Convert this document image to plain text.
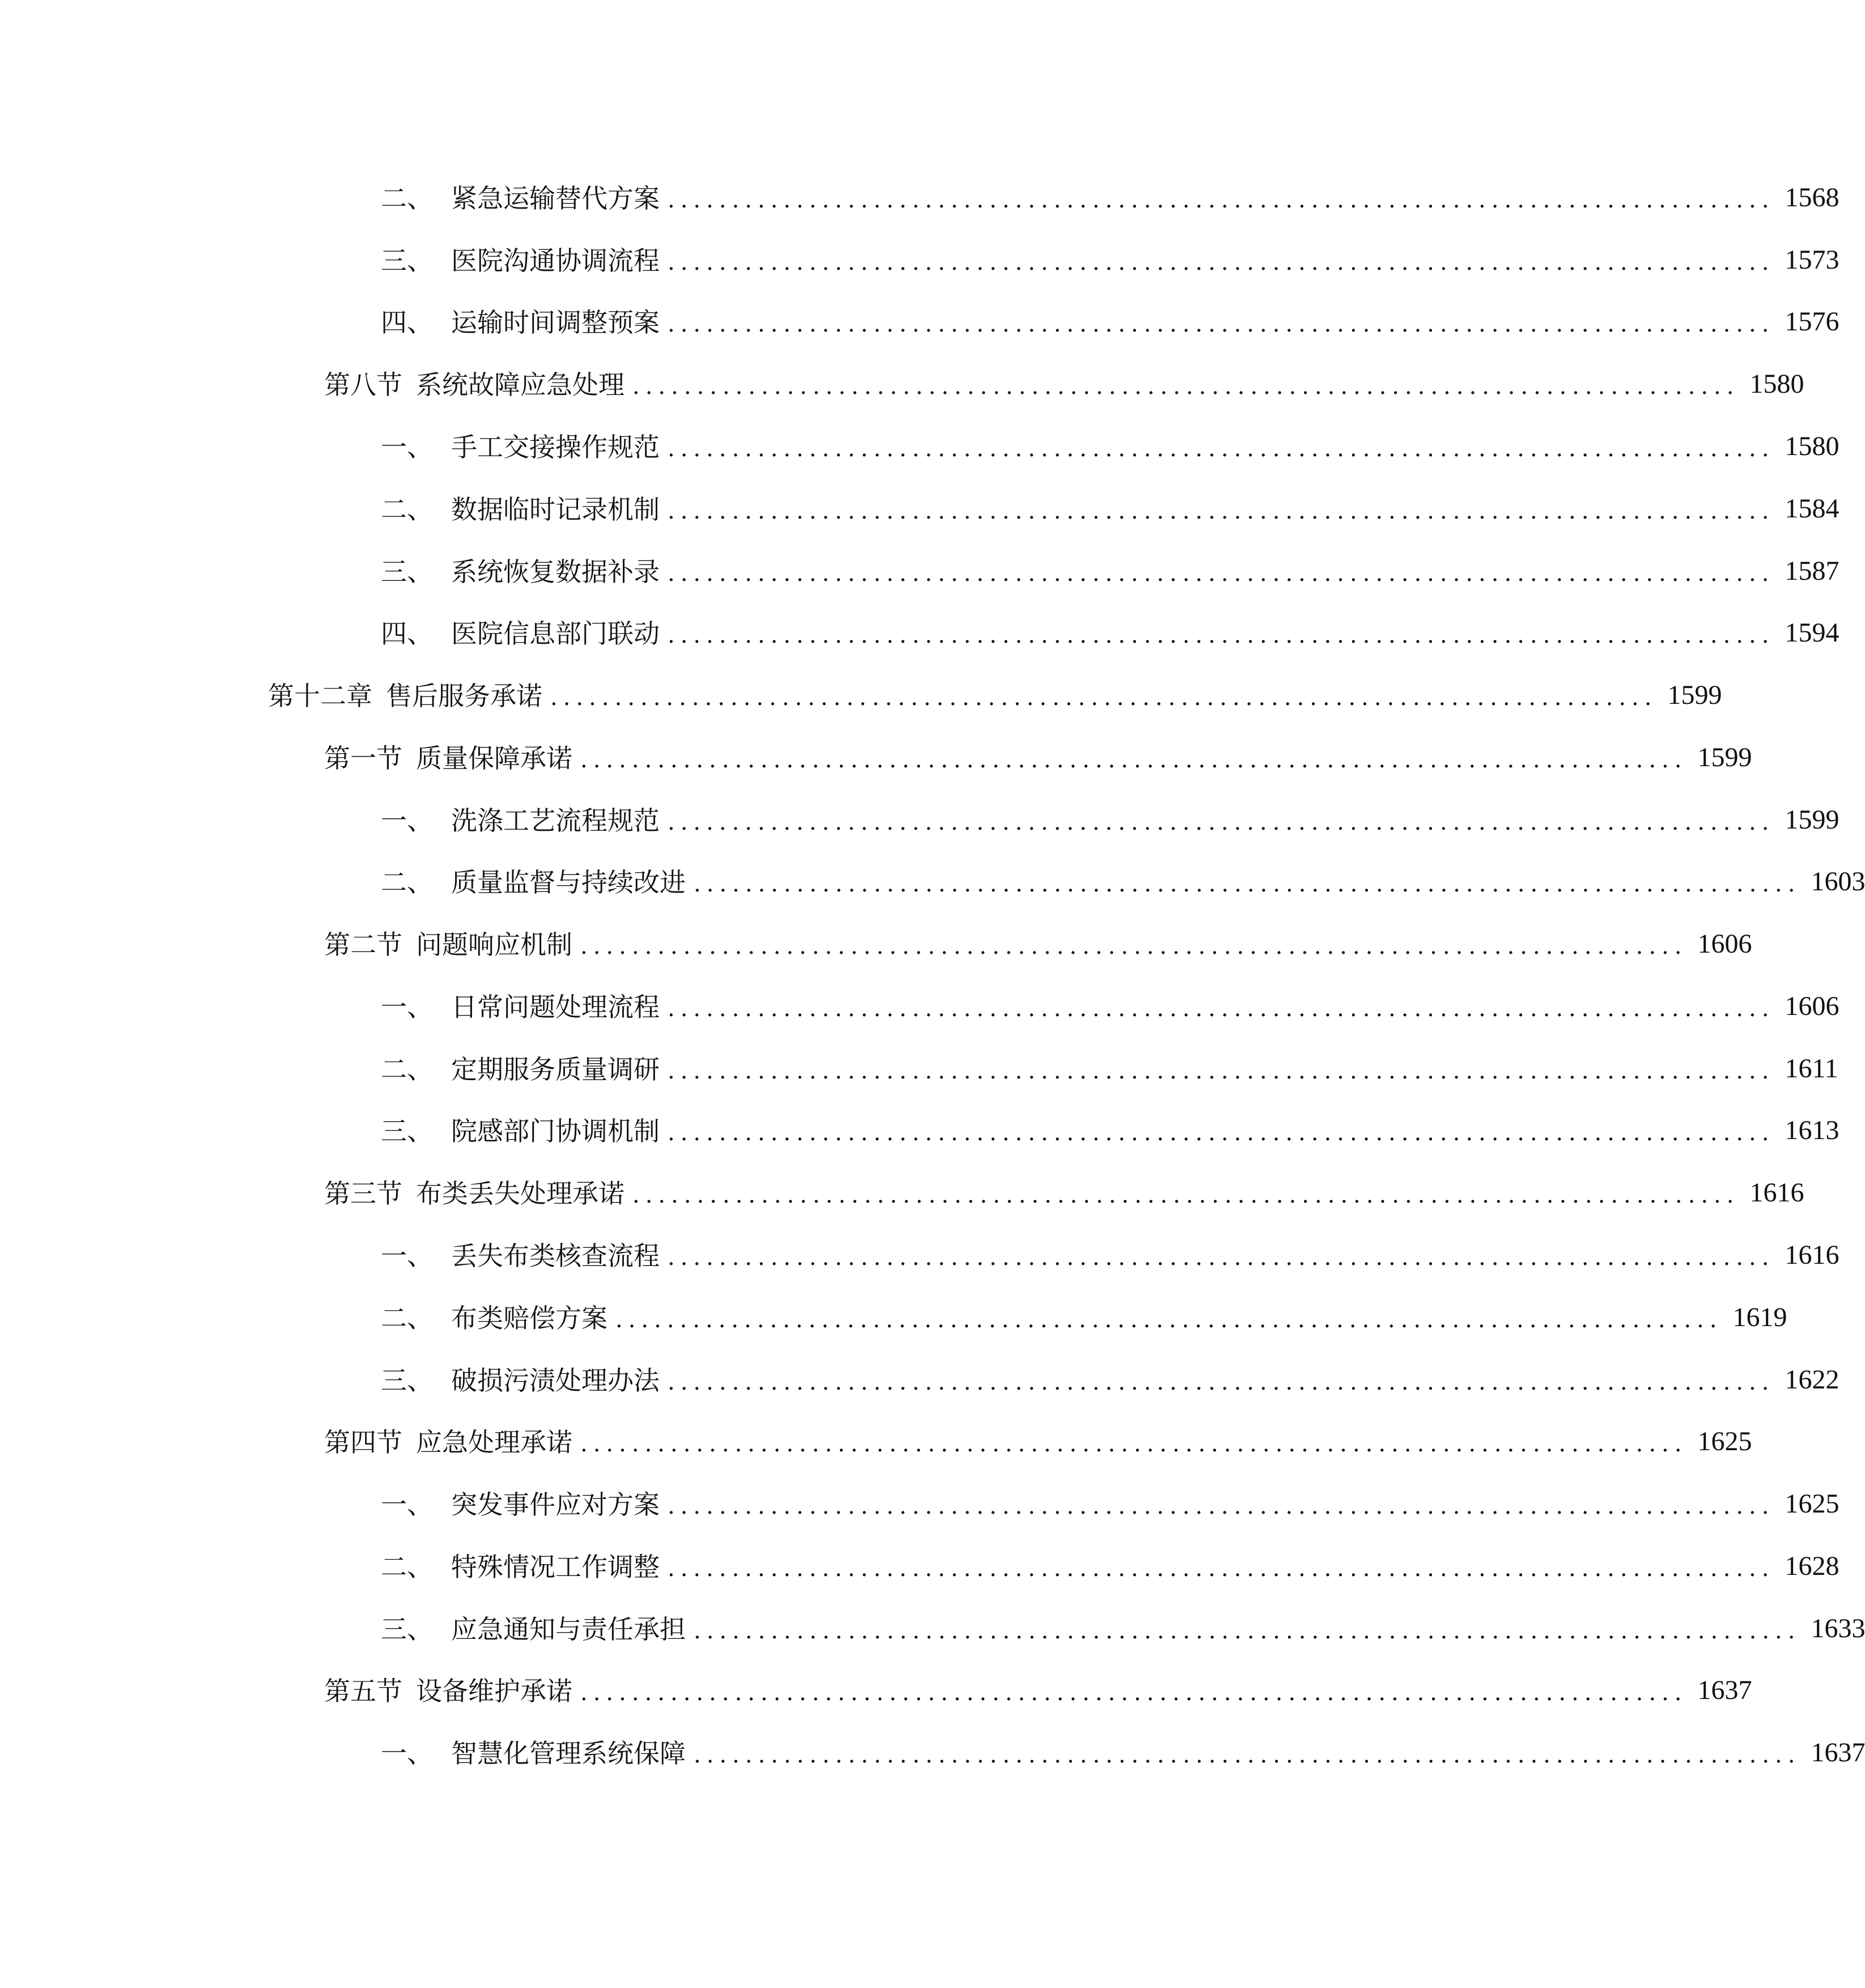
二、 紧急运输替代方案 ...................................................................................... 1568
三、 医院沟通协调流程 ...................................................................................... 1573
四、 运输时间调整预案 ...................................................................................... 1576
第八节 系统故障应急处理 ...................................................................................... 1580
一、 手工交接操作规范 ...................................................................................... 1580
二、 数据临时记录机制 ...................................................................................... 1584
三、 系统恢复数据补录 ...................................................................................... 1587
四、 医院信息部门联动 ...................................................................................... 1594
第十二章 售后服务承诺 ...................................................................................... 1599
第一节 质量保障承诺 ...................................................................................... 1599
一、 洗涤工艺流程规范 ...................................................................................... 1599
二、 质量监督与持续改进 ...................................................................................... 1603
第二节 问题响应机制 ...................................................................................... 1606
一、 日常问题处理流程 ...................................................................................... 1606
二、 定期服务质量调研 ...................................................................................... 1611
三、 院感部门协调机制 ...................................................................................... 1613
第三节 布类丢失处理承诺 ...................................................................................... 1616
一、 丢失布类核查流程 ...................................................................................... 1616
二、 布类赔偿方案 ...................................................................................... 1619
三、 破损污渍处理办法 ...................................................................................... 1622
第四节 应急处理承诺 ...................................................................................... 1625
一、 突发事件应对方案 ...................................................................................... 1625
二、 特殊情况工作调整 ...................................................................................... 1628
三、 应急通知与责任承担 ...................................................................................... 1633
第五节 设备维护承诺 ...................................................................................... 1637
一、 智慧化管理系统保障 ...................................................................................... 1637
